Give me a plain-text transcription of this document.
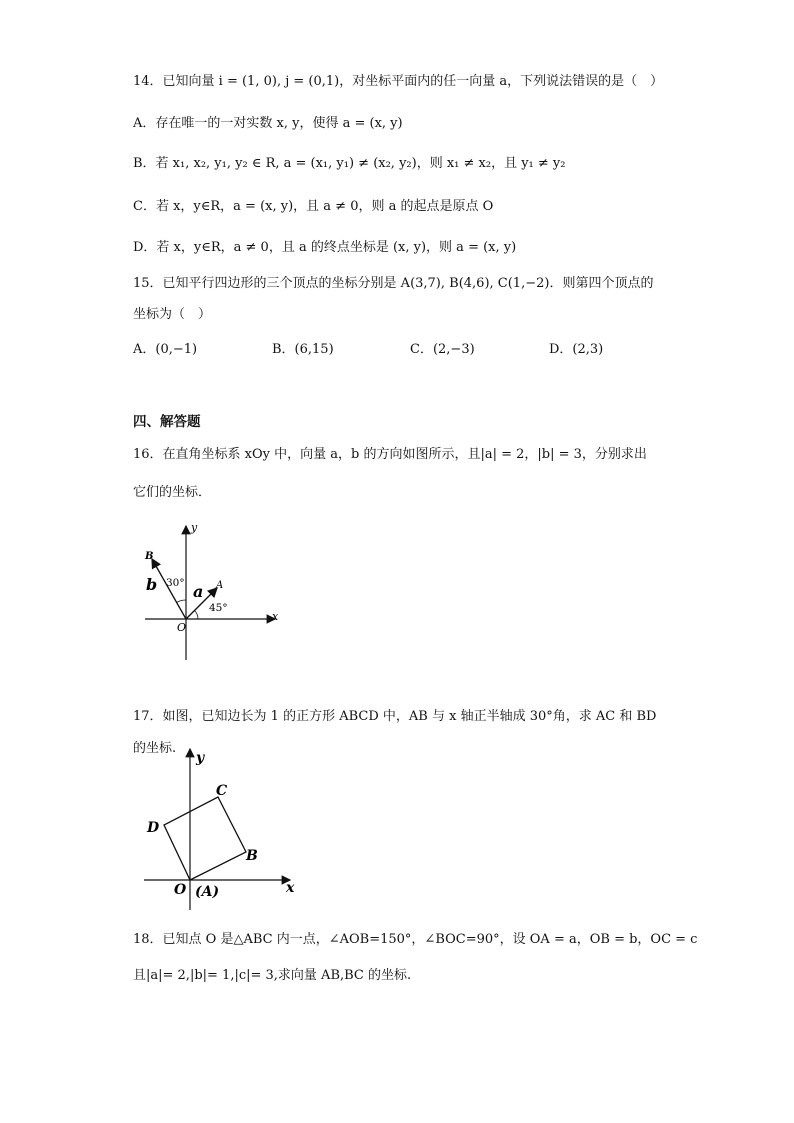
14．已知向量 i = (1, 0), j = (0,1)，对坐标平面内的任一向量 a，下列说法错误的是（　）
A．存在唯一的一对实数 x, y，使得 a = (x, y)
B．若 x₁, x₂, y₁, y₂ ∈ R, a = (x₁, y₁) ≠ (x₂, y₂)，则 x₁ ≠ x₂，且 y₁ ≠ y₂
C．若 x，y∈R，a = (x, y)，且 a ≠ 0，则 a 的起点是原点 O
D．若 x，y∈R，a ≠ 0，且 a 的终点坐标是 (x, y)，则 a = (x, y)
15．已知平行四边形的三个顶点的坐标分别是 A(3,7), B(4,6), C(1,−2)．则第四个顶点的
坐标为（　）
A．(0,−1)	B．(6,15)	C．(2,−3)	D．(2,3)
四、解答题
16．在直角坐标系 xOy 中，向量 a，b 的方向如图所示，且|a| = 2，|b| = 3，分别求出
它们的坐标．
y
x
O
B
A
b a
30°
45°
17．如图，已知边长为 1 的正方形 ABCD 中，AB 与 x 轴正半轴成 30°角，求 AC 和 BD
的坐标.
y
x
O (A)
B
C
D
18．已知点 O 是△ABC 内一点，∠AOB=150°，∠BOC=90°，设 OA = a，OB = b，OC = c
且|a|= 2,|b|= 1,|c|= 3,求向量 AB,BC 的坐标.
